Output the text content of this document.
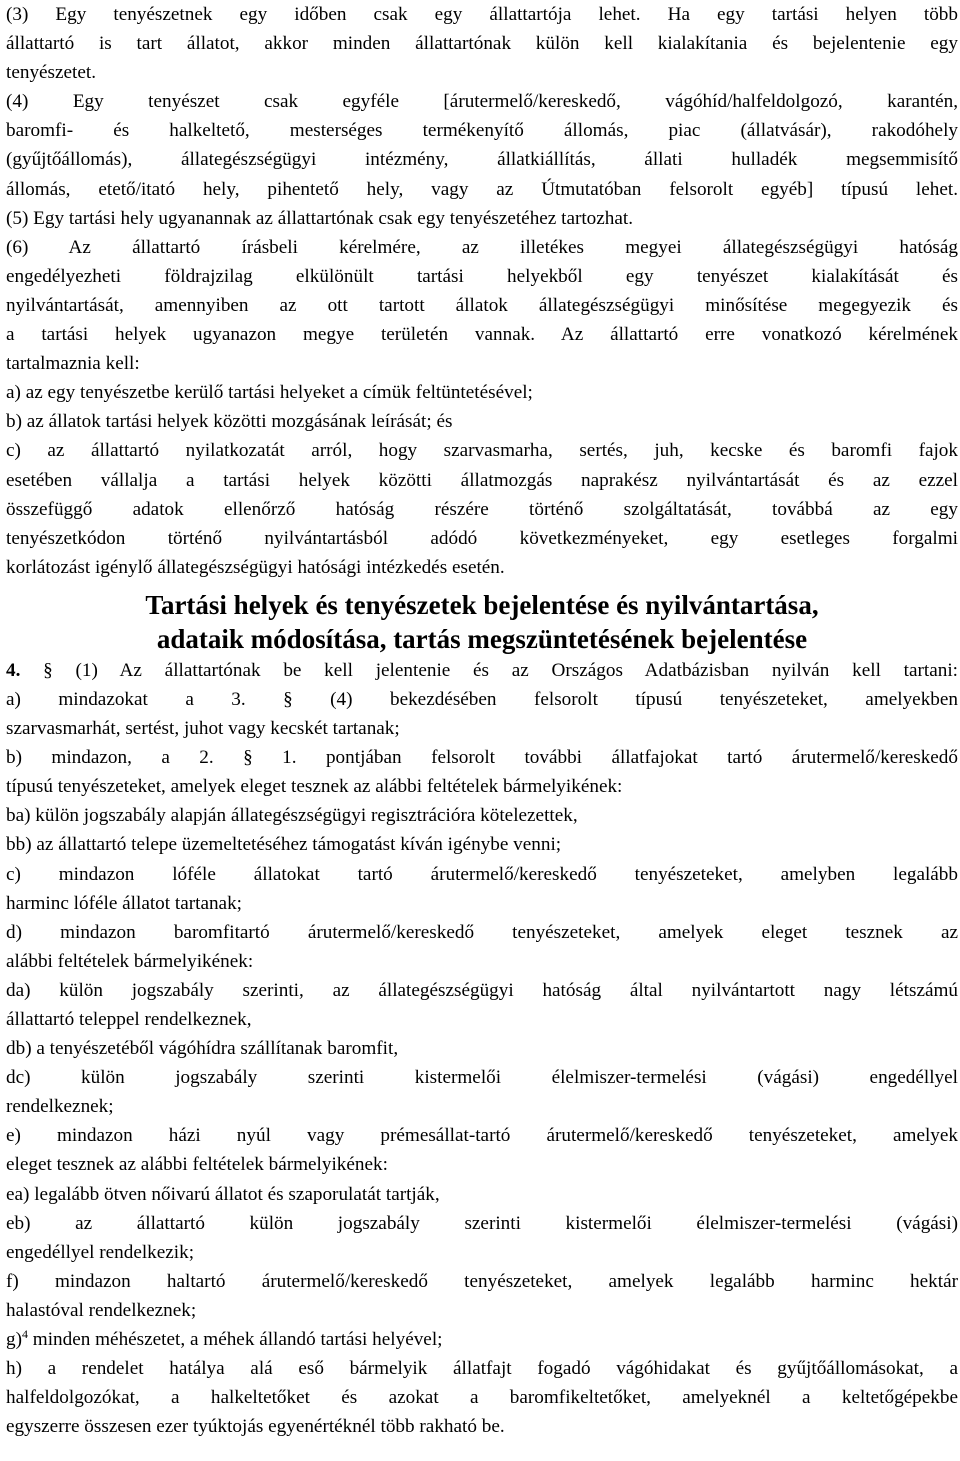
(3) Egy tenyészetnek egy időben csak egy állattartója lehet. Ha egy tartási helyen több
állattartó is tart állatot, akkor minden állattartónak külön kell kialakítania és bejelentenie egy
tenyészetet.
(4) Egy tenyészet csak egyféle [árutermelő/kereskedő, vágóhíd/halfeldolgozó, karantén,
baromfi- és halkeltető, mesterséges termékenyítő állomás, piac (állatvásár), rakodóhely
(gyűjtőállomás), állategészségügyi intézmény, állatkiállítás, állati hulladék megsemmisítő
állomás, etető/itató hely, pihentető hely, vagy az Útmutatóban felsorolt egyéb] típusú lehet.
(5) Egy tartási hely ugyanannak az állattartónak csak egy tenyészetéhez tartozhat.
(6) Az állattartó írásbeli kérelmére, az illetékes megyei állategészségügyi hatóság
engedélyezheti földrajzilag elkülönült tartási helyekből egy tenyészet kialakítását és
nyilvántartását, amennyiben az ott tartott állatok állategészségügyi minősítése megegyezik és
a tartási helyek ugyanazon megye területén vannak. Az állattartó erre vonatkozó kérelmének
tartalmaznia kell:
a) az egy tenyészetbe kerülő tartási helyeket a címük feltüntetésével;
b) az állatok tartási helyek közötti mozgásának leírását; és
c) az állattartó nyilatkozatát arról, hogy szarvasmarha, sertés, juh, kecske és baromfi fajok
esetében vállalja a tartási helyek közötti állatmozgás naprakész nyilvántartását és az ezzel
összefüggő adatok ellenőrző hatóság részére történő szolgáltatását, továbbá az egy
tenyészetkódon történő nyilvántartásból adódó következményeket, egy esetleges forgalmi
korlátozást igénylő állategészségügyi hatósági intézkedés esetén.
Tartási helyek és tenyészetek bejelentése és nyilvántartása,
adataik módosítása, tartás megszüntetésének bejelentése
4. § (1) Az állattartónak be kell jelentenie és az Országos Adatbázisban nyilván kell tartani:
a) mindazokat a 3. § (4) bekezdésében felsorolt típusú tenyészeteket, amelyekben
szarvasmarhát, sertést, juhot vagy kecskét tartanak;
b) mindazon, a 2. § 1. pontjában felsorolt további állatfajokat tartó árutermelő/kereskedő
típusú tenyészeteket, amelyek eleget tesznek az alábbi feltételek bármelyikének:
ba) külön jogszabály alapján állategészségügyi regisztrációra kötelezettek,
bb) az állattartó telepe üzemeltetéséhez támogatást kíván igénybe venni;
c) mindazon lóféle állatokat tartó árutermelő/kereskedő tenyészeteket, amelyben legalább
harminc lóféle állatot tartanak;
d) mindazon baromfitartó árutermelő/kereskedő tenyészeteket, amelyek eleget tesznek az
alábbi feltételek bármelyikének:
da) külön jogszabály szerinti, az állategészségügyi hatóság által nyilvántartott nagy létszámú
állattartó teleppel rendelkeznek,
db) a tenyészetéből vágóhídra szállítanak baromfit,
dc) külön jogszabály szerinti kistermelői élelmiszer-termelési (vágási) engedéllyel
rendelkeznek;
e) mindazon házi nyúl vagy prémesállat-tartó árutermelő/kereskedő tenyészeteket, amelyek
eleget tesznek az alábbi feltételek bármelyikének:
ea) legalább ötven nőivarú állatot és szaporulatát tartják,
eb) az állattartó külön jogszabály szerinti kistermelői élelmiszer-termelési (vágási)
engedéllyel rendelkezik;
f) mindazon haltartó árutermelő/kereskedő tenyészeteket, amelyek legalább harminc hektár
halastóval rendelkeznek;
g)$^4$ minden méhészetet, a méhek állandó tartási helyével;
h) a rendelet hatálya alá eső bármelyik állatfajt fogadó vágóhidakat és gyűjtőállomásokat, a
halfeldolgozókat, a halkeltetőket és azokat a baromfikeltetőket, amelyeknél a keltetőgépekbe
egyszerre összesen ezer tyúktojás egyenértéknél több rakható be.
